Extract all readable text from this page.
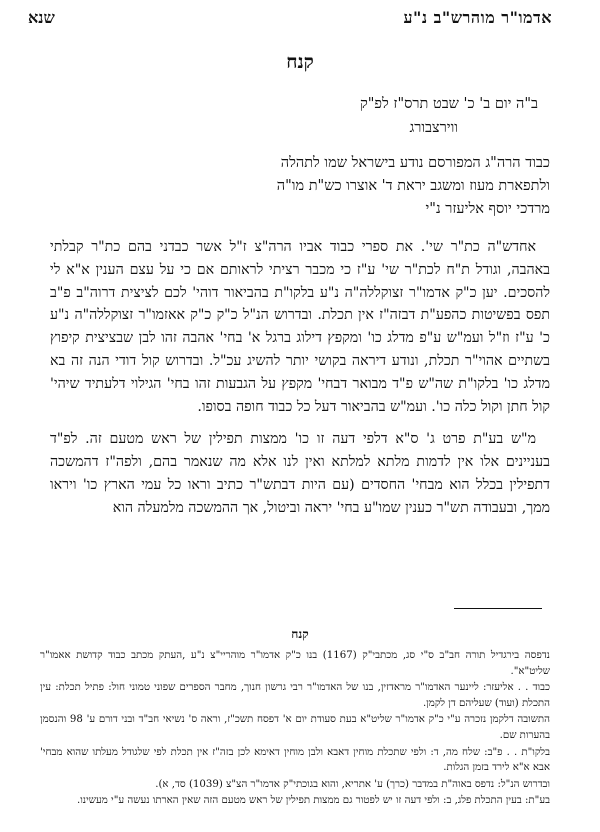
אדמו"ר מוהרש"ב נ"ע
שנא
קנח
ב"ה יום ב' כ' שבט תרס"ז לפ"ק
ווירצבורג
כבוד הרה"ג המפורסם נודע בישראל שמו לתהלה
ולתפארת מעוז ומשגב יראת ד' אוצרו כש"ת מו"ה
מרדכי יוסף אליעזר נ"י

אחדש"ה כת"ר שי'. את ספרי כבוד אביו הרה"צ ז"ל אשר כבדני בהם כת"ר קבלתי באהבה, וגודל ת"ח לכת"ר שי' ע"ז כי מכבר רציתי לראותם אם כי על עצם הענין א"א לי להסכים. יען כ"ק אדמו"ר זצוקללה"ה נ"ע בלקו"ת בהביאור דוהי' לכם לציצית דרוה"ב פ"ב תפס בפשיטות כהפע"ת דבזה"ז אין תכלת. ובדרוש הנ"ל כ"ק כ"ק אאזמו"ר זצוקללה"ה נ"ע כ' ע"ז וז"ל ועמ"ש ע"פ מדלג כו' ומקפץ דילוג ברגל א' בחי' אהבה זהו לבן שבציצית קיפוץ בשתיים אהוי"ר תכלת, ונודע דיראה בקושי יותר להשיג עכ"ל. ובדרוש קול דודי הנה זה בא מדלג כו' בלקו"ת שה"ש פ"ד מבואר דבחי' מקפץ על הגבעות זהו בחי' הגילוי דלעתיד שיהי' קול חתן וקול כלה כו'. ועמ"ש בהביאור דעל כל כבוד חופה בסופו.

מ"ש בע"ת פרט ג' ס"א דלפי דעה זו כו' ממצות תפילין של ראש מטעם זה. לפ"ד בעניינים אלו אין לדמות מלתא למלתא ואין לנו אלא מה שנאמר בהם, ולפה"ז דהמשכה דתפילין בכלל הוא מבחי' החסדים (עם היות דבתש"ר כתיב וראו כל עמי הארץ כו' ויראו ממך, ובעבודה תש"ר כענין שמו"ע בחי' יראה וביטול, אך ההמשכה מלמעלה הוא

קנח
נדפסה בירגדיל תורה חב"ב ס"י סג, מכתבי"ק (1167) בנו כ"ק אדמו"ר מוהריי"צ נ"ע ,העתק מכתב כבוד קדושת אאמו"ר שליט"א".
כבוד . . אליעזר: ליינער האדמו"ר מראדזין, בנו של האדמו"ר רבי גרשון חנוך, מחבר הספרים שפוני טמוני חול: פתיל תכלת: עין התכלת (ועוד) שעליהם דן לקמן.
התשובה דלקמן נזכרה ע"י כ"ק אדמו"ר שליט"א בעת סעודת יום א' דפסח תשכ"ז, וראה ס' נשיאי חב"ד ובני דורם ע' 98 והנסמן בהערות שם.
בלקו"ת . . פ"ב: שלח מה, ד: ולפי שתכלת מוחין דאבא ולבן מוחין דאימא לכן בזה"ז אין תכלת לפי שלגודל מעלתו שהוא מבחי' אבא א"א לירד בזמן הגלות.
ובדרוש הנ"ל: נדפס באוה"ת במדבר (כרך) ע' אתריא, והוא בגוכתי"ק אדמו"ר הצ"צ (1039) סד, א).
בע"ת: בעין התכלת פלג, ב: ולפי דעה זו יש לפטור גם ממצות תפילין של ראש מטעם הזה שאין הארתו נעשה ע"י מעשינו.
